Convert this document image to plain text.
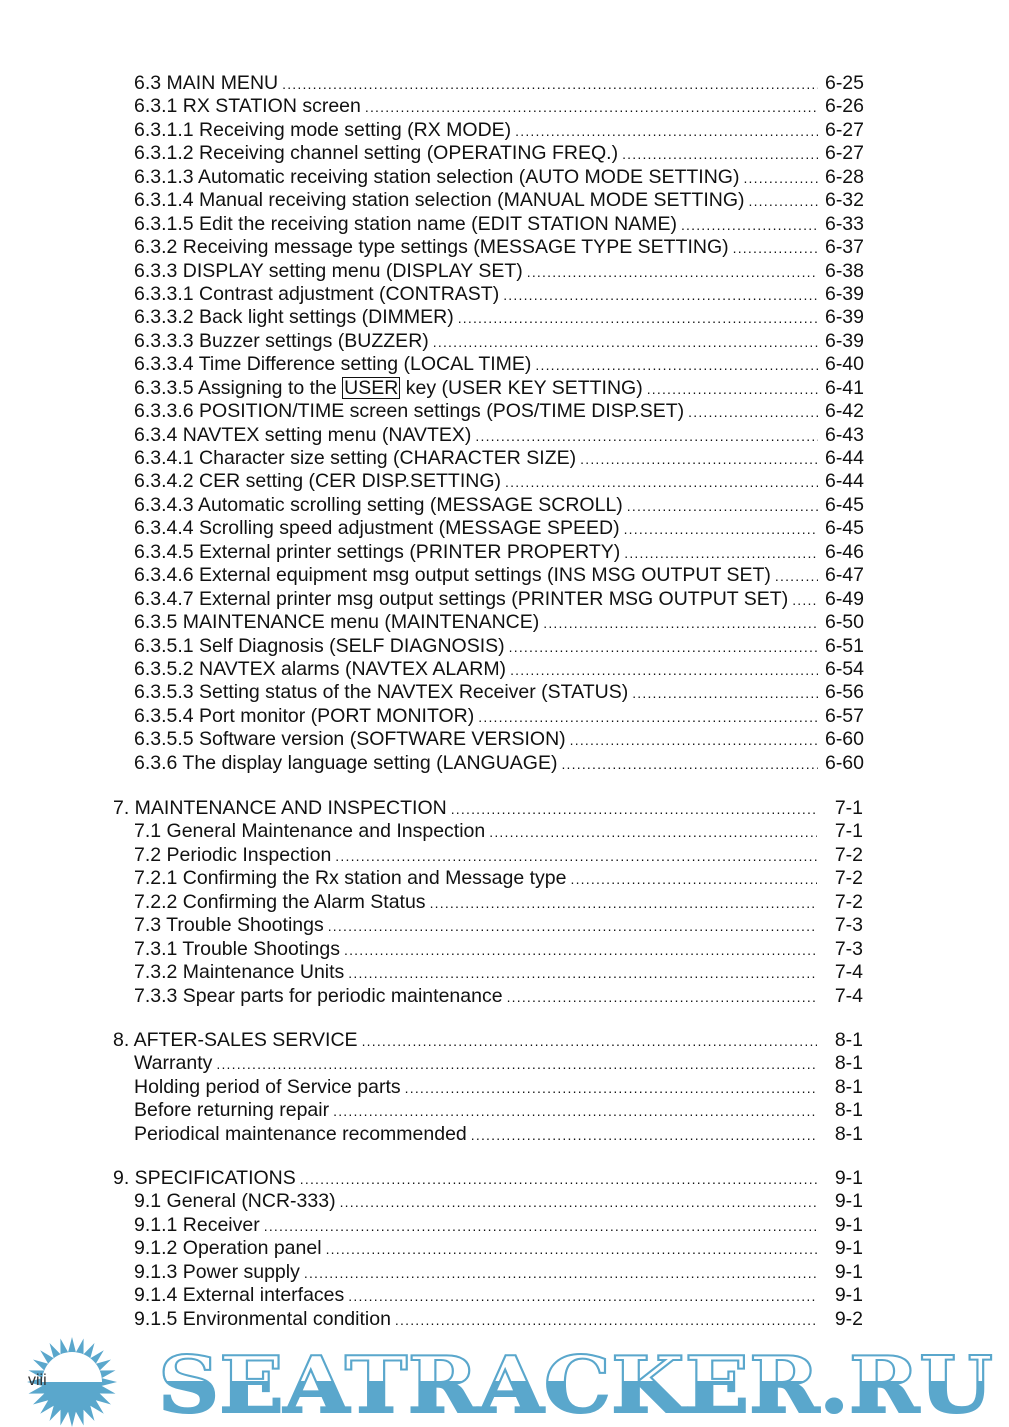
6.3 MAIN MENU .....	6-25
6.3.1 RX STATION screen .....	6-26
6.3.1.1 Receiving mode setting (RX MODE) .....	6-27
6.3.1.2 Receiving channel setting (OPERATING FREQ.) .....	6-27
6.3.1.3 Automatic receiving station selection (AUTO MODE SETTING) .....	6-28
6.3.1.4 Manual receiving station selection (MANUAL MODE SETTING) .....	6-32
6.3.1.5 Edit the receiving station name (EDIT STATION NAME) .....	6-33
6.3.2 Receiving message type settings (MESSAGE TYPE SETTING) .....	6-37
6.3.3 DISPLAY setting menu (DISPLAY SET) .....	6-38
6.3.3.1 Contrast adjustment (CONTRAST) .....	6-39
6.3.3.2 Back light settings (DIMMER) .....	6-39
6.3.3.3 Buzzer settings (BUZZER) .....	6-39
6.3.3.4 Time Difference setting (LOCAL TIME) .....	6-40
6.3.3.5 Assigning to the USER key (USER KEY SETTING) .....	6-41
6.3.3.6 POSITION/TIME screen settings (POS/TIME DISP.SET) .....	6-42
6.3.4 NAVTEX setting menu (NAVTEX) .....	6-43
6.3.4.1 Character size setting (CHARACTER SIZE) .....	6-44
6.3.4.2 CER setting (CER DISP.SETTING) .....	6-44
6.3.4.3 Automatic scrolling setting (MESSAGE SCROLL) .....	6-45
6.3.4.4 Scrolling speed adjustment (MESSAGE SPEED) .....	6-45
6.3.4.5 External printer settings (PRINTER PROPERTY) .....	6-46
6.3.4.6 External equipment msg output settings (INS MSG OUTPUT SET) .....	6-47
6.3.4.7 External printer msg output settings (PRINTER MSG OUTPUT SET) ..... 6-49
6.3.5 MAINTENANCE menu (MAINTENANCE) .....	6-50
6.3.5.1 Self Diagnosis (SELF DIAGNOSIS) .....	6-51
6.3.5.2 NAVTEX alarms (NAVTEX ALARM) .....	6-54
6.3.5.3 Setting status of the NAVTEX Receiver (STATUS) .....	6-56
6.3.5.4 Port monitor (PORT MONITOR) .....	6-57
6.3.5.5 Software version (SOFTWARE VERSION) .....	6-60
6.3.6 The display language setting (LANGUAGE) .....	6-60
7. MAINTENANCE AND INSPECTION .....	7-1
7.1 General Maintenance and Inspection .....	7-1
7.2 Periodic Inspection .....	7-2
7.2.1 Confirming the Rx station and Message type .....	7-2
7.2.2 Confirming the Alarm Status .....	7-2
7.3 Trouble Shootings .....	7-3
7.3.1 Trouble Shootings .....	7-3
7.3.2 Maintenance Units .....	7-4
7.3.3 Spear parts for periodic maintenance .....	7-4
8. AFTER-SALES SERVICE .....	8-1
Warranty .....	8-1
Holding period of Service parts .....	8-1
Before returning repair .....	8-1
Periodical maintenance recommended .....	8-1
9. SPECIFICATIONS .....	9-1
9.1 General (NCR-333) .....	9-1
9.1.1 Receiver .....	9-1
9.1.2 Operation panel .....	9-1
9.1.3 Power supply .....	9-1
9.1.4 External interfaces .....	9-1
9.1.5 Environmental condition .....	9-2
SEATRACKER.RU
viii
